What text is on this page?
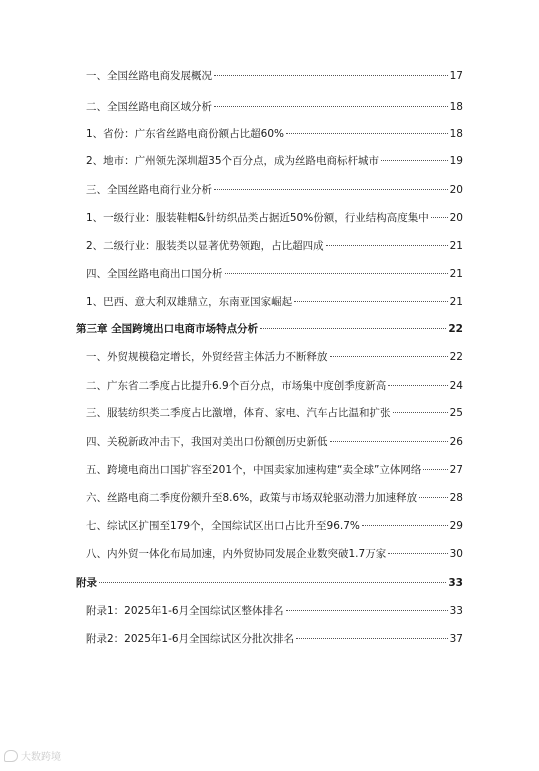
一、全国丝路电商发展概况	17
二、全国丝路电商区域分析	18
1、省份：广东省丝路电商份额占比超60%	18
2、地市：广州领先深圳超35个百分点，成为丝路电商标杆城市	19
三、全国丝路电商行业分析	20
1、一级行业：服装鞋帽&针纺织品类占据近50%份额，行业结构高度集中 20
2、二级行业：服装类以显著优势领跑，占比超四成	21
四、全国丝路电商出口国分析	21
1、巴西、意大利双雄鼎立，东南亚国家崛起	21
第三章 全国跨境出口电商市场特点分析	22
一、外贸规模稳定增长，外贸经营主体活力不断释放	22
二、广东省二季度占比提升6.9个百分点，市场集中度创季度新高	24
三、服装纺织类二季度占比激增，体育、家电、汽车占比温和扩张	25
四、关税新政冲击下，我国对美出口份额创历史新低	26
五、跨境电商出口国扩容至201个，中国卖家加速构建“卖全球”立体网络	27
六、丝路电商二季度份额升至8.6%，政策与市场双轮驱动潜力加速释放	28
七、综试区扩围至179个，全国综试区出口占比升至96.7%	29
八、内外贸一体化布局加速，内外贸协同发展企业数突破1.7万家	30
附录	33
附录1：2025年1-6月全国综试区整体排名	33
附录2：2025年1-6月全国综试区分批次排名	37
大数跨境
